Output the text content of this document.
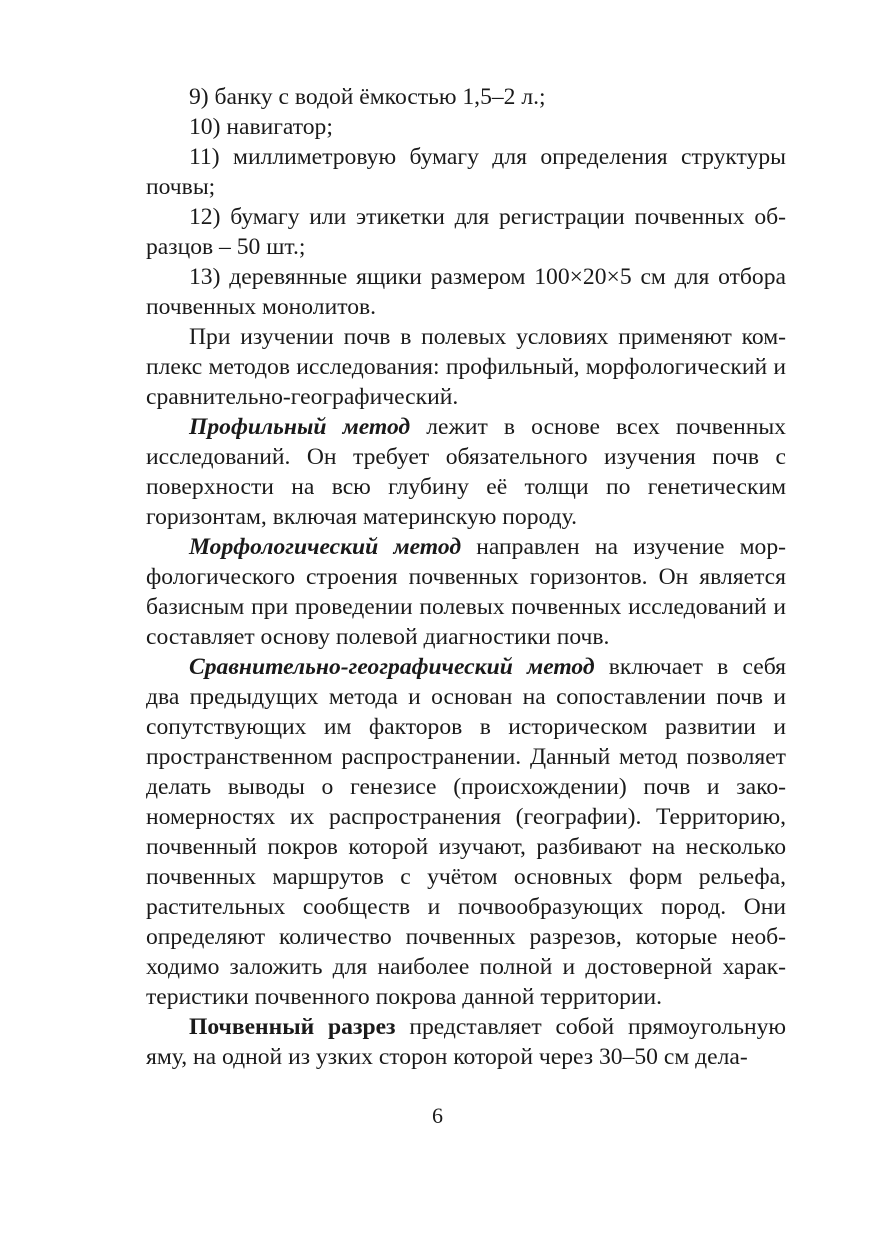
9) банку с водой ёмкостью 1,5–2 л.;

10) навигатор;

11) миллиметровую бумагу для определения структуры почвы;

12) бумагу или этикетки для регистрации почвенных образцов – 50 шт.;

13) деревянные ящики размером 100×20×5 см для отбора почвенных монолитов.

При изучении почв в полевых условиях применяют комплекс методов исследования: профильный, морфологический и сравнительно-географический.

Профильный метод лежит в основе всех почвенных исследований. Он требует обязательного изучения почв с поверхности на всю глубину её толщи по генетическим горизонтам, включая материнскую породу.

Морфологический метод направлен на изучение морфологического строения почвенных горизонтов. Он является базисным при проведении полевых почвенных исследований и составляет основу полевой диагностики почв.

Сравнительно-географический метод включает в себя два предыдущих метода и основан на сопоставлении почв и сопутствующих им факторов в историческом развитии и пространственном распространении. Данный метод позволяет делать выводы о генезисе (происхождении) почв и закономерностях их распространения (географии). Территорию, почвенный покров которой изучают, разбивают на несколько почвенных маршрутов с учётом основных форм рельефа, растительных сообществ и почвообразующих пород. Они определяют количество почвенных разрезов, которые необходимо заложить для наиболее полной и достоверной характеристики почвенного покрова данной территории.

Почвенный разрез представляет собой прямоугольную яму, на одной из узких сторон которой через 30–50 см дела-

6
